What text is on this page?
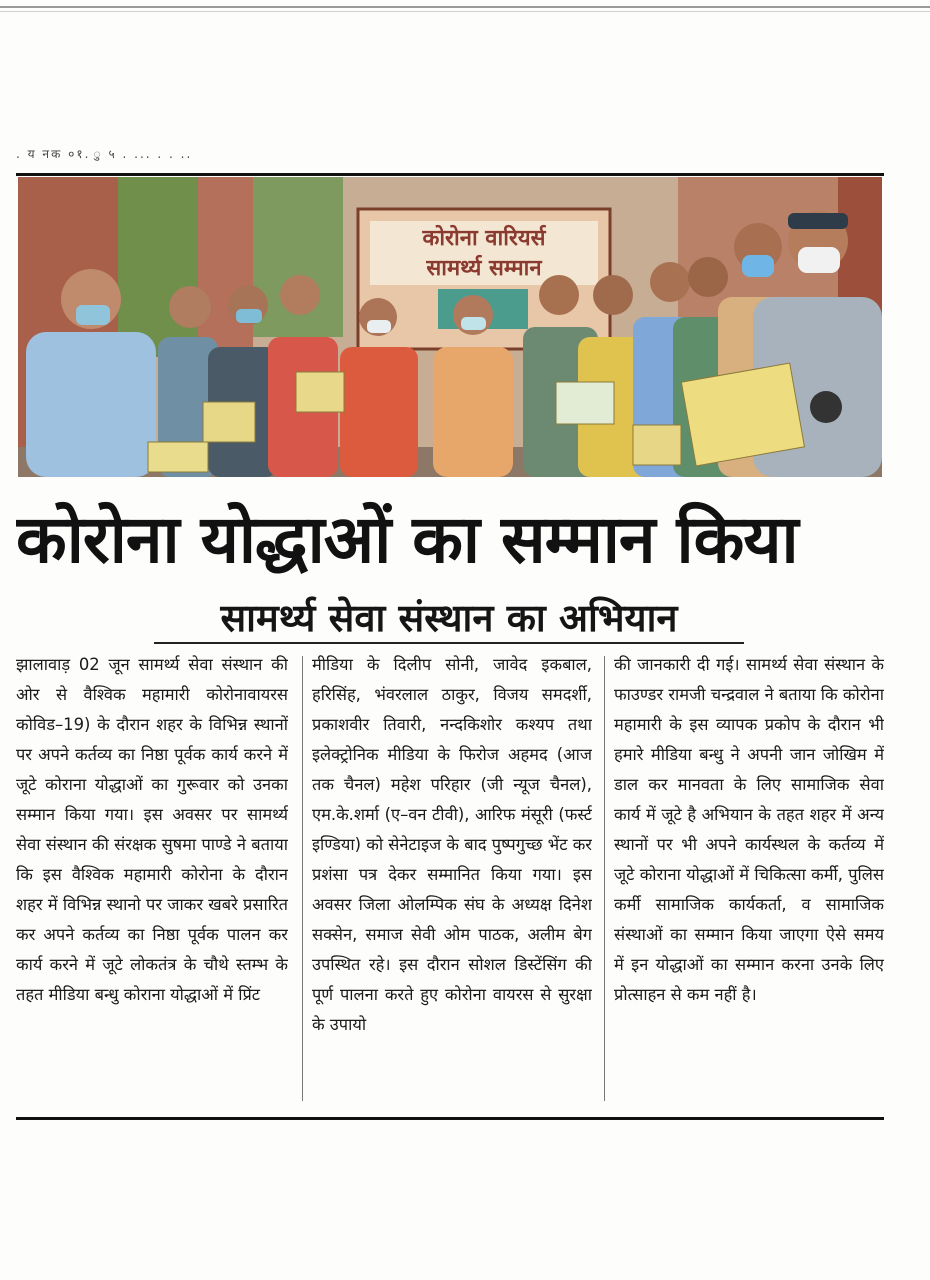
. य नक ०१. ु ५ . ... . . ..
कोरोना वारियर्स
सामर्थ्य सम्मान
कोरोना योद्धाओं का सम्मान किया
सामर्थ्य सेवा संस्थान का अभियान
झालावाड़ 02 जून सामर्थ्य सेवा संस्थान की ओर से वैश्विक महामारी कोरोनावायरस कोविड–19) के दौरान शहर के विभिन्न स्थानों पर अपने कर्तव्य का निष्ठा पूर्वक कार्य करने में जूटे कोराना योद्धाओं का गुरूवार को उनका सम्मान किया गया। इस अवसर पर सामर्थ्य सेवा संस्थान की संरक्षक सुषमा पाण्डे ने बताया कि इस वैश्विक महामारी कोरोना के दौरान शहर में विभिन्न स्थानो पर जाकर खबरे प्रसारित कर अपने कर्तव्य का निष्ठा पूर्वक पालन कर कार्य करने में जूटे लोकतंत्र के चौथे स्तम्भ के तहत मीडिया बन्धु कोराना योद्धाओं में प्रिंट
मीडिया के दिलीप सोनी, जावेद इकबाल, हरिसिंह, भंवरलाल ठाकुर, विजय समदर्शी, प्रकाशवीर तिवारी, नन्दकिशोर कश्यप तथा इलेक्ट्रोनिक मीडिया के फिरोज अहमद (आज तक चैनल) महेश परिहार (जी न्यूज चैनल), एम.के.शर्मा (ए–वन टीवी), आरिफ मंसूरी (फर्स्ट इण्डिया) को सेनेटाइज के बाद पुष्पगुच्छ भेंट कर प्रशंसा पत्र देकर सम्मानित किया गया। इस अवसर जिला ओलम्पिक संघ के अध्यक्ष दिनेश सक्सेन, समाज सेवी ओम पाठक, अलीम बेग उपस्थित रहे। इस दौरान सोशल डिस्टेंसिंग की पूर्ण पालना करते हुए कोरोना वायरस से सुरक्षा के उपायो
की जानकारी दी गई। सामर्थ्य सेवा संस्थान के फाउण्डर रामजी चन्द्रवाल ने बताया कि कोरोना महामारी के इस व्यापक प्रकोप के दौरान भी हमारे मीडिया बन्धु ने अपनी जान जोखिम में डाल कर मानवता के लिए सामाजिक सेवा कार्य में जूटे है अभियान के तहत शहर में अन्य स्थानों पर भी अपने कार्यस्थल के कर्तव्य में जूटे कोराना योद्धाओं में चिकित्सा कर्मी, पुलिस कर्मी सामाजिक कार्यकर्ता, व सामाजिक संस्थाओं का सम्मान किया जाएगा ऐसे समय में इन योद्धाओं का सम्मान करना उनके लिए प्रोत्साहन से कम नहीं है।
